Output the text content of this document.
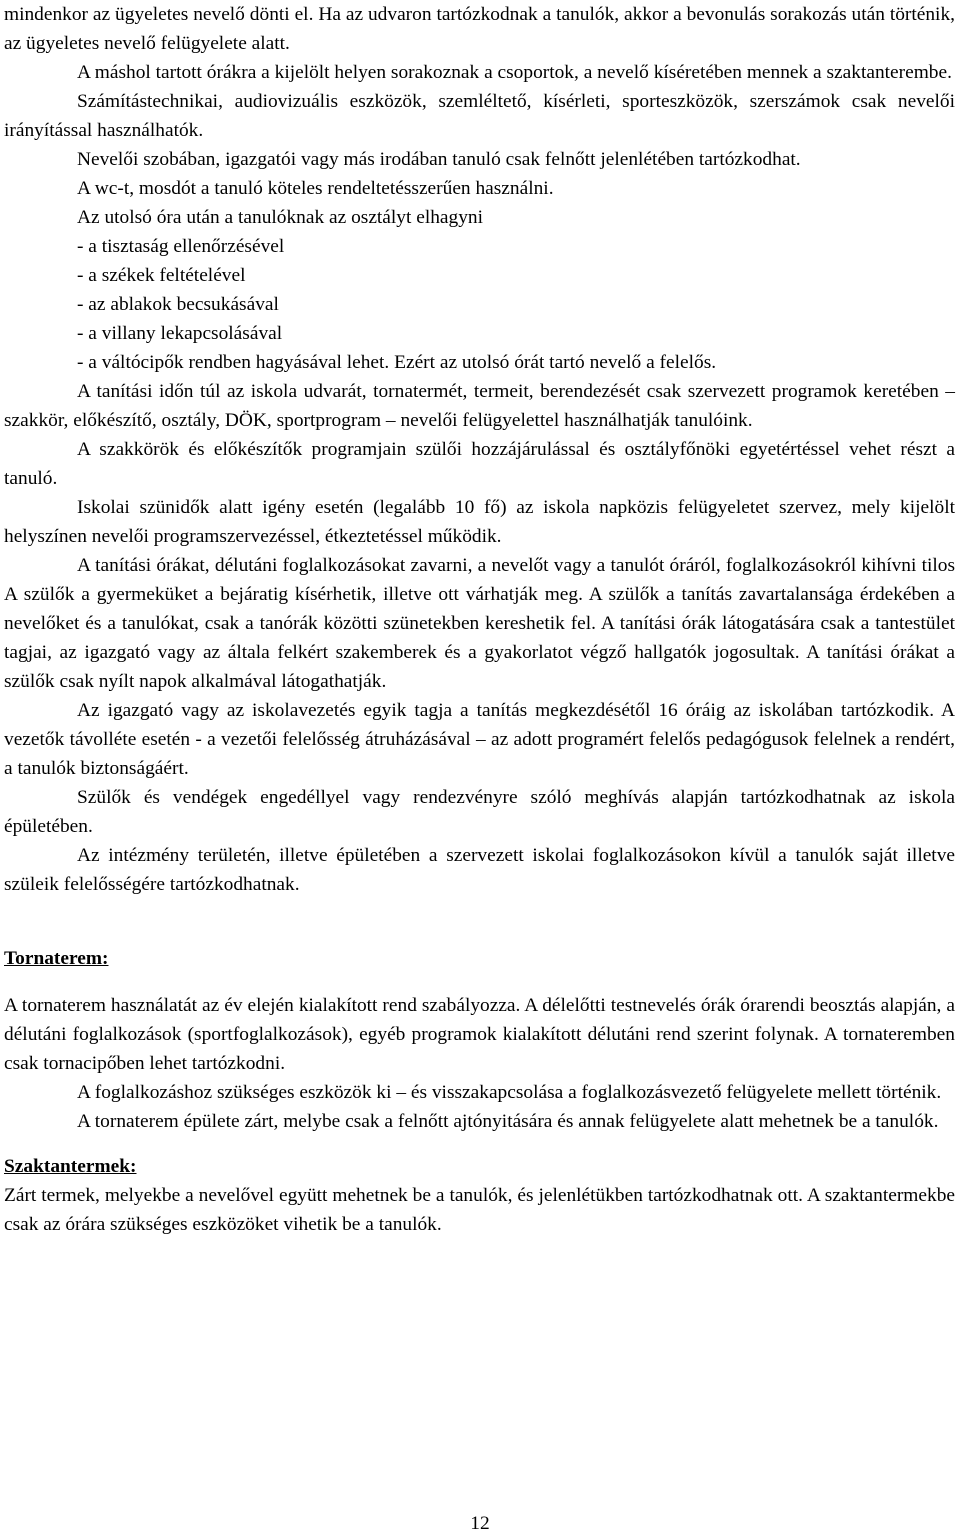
mindenkor az ügyeletes nevelő dönti el. Ha az udvaron tartózkodnak a tanulók, akkor a bevonulás sorakozás után történik, az ügyeletes nevelő felügyelete alatt.

A máshol tartott órákra a kijelölt helyen sorakoznak a csoportok, a nevelő kíséretében mennek a szaktanterembe.

Számítástechnikai, audiovizuális eszközök, szemléltető, kísérleti, sporteszközök, szerszámok csak nevelői irányítással használhatók.

Nevelői szobában, igazgatói vagy más irodában tanuló csak felnőtt jelenlétében tartózkodhat.

A wc-t, mosdót a tanuló köteles rendeltetésszerűen használni.

Az utolsó óra után a tanulóknak az osztályt elhagyni

- a tisztaság ellenőrzésével

- a székek feltételével

- az ablakok becsukásával

- a villany lekapcsolásával

- a váltócipők rendben hagyásával lehet. Ezért az utolsó órát tartó nevelő a felelős.

A tanítási időn túl az iskola udvarát, tornatermét, termeit, berendezését csak szervezett programok keretében – szakkör, előkészítő, osztály, DÖK, sportprogram – nevelői felügyelettel használhatják tanulóink.

A szakkörök és előkészítők programjain szülői hozzájárulással és osztályfőnöki egyetértéssel vehet részt a tanuló.

Iskolai szünidők alatt igény esetén (legalább 10 fő) az iskola napközis felügyeletet szervez, mely kijelölt helyszínen nevelői programszervezéssel, étkeztetéssel működik.

A tanítási órákat, délutáni foglalkozásokat zavarni, a nevelőt vagy a tanulót óráról, foglalkozásokról kihívni tilos A szülők a gyermeküket a bejáratig kísérhetik, illetve ott várhatják meg. A szülők a tanítás zavartalansága érdekében a nevelőket és a tanulókat, csak a tanórák közötti szünetekben kereshetik fel. A tanítási órák látogatására csak a tantestület tagjai, az igazgató vagy az általa felkért szakemberek és a gyakorlatot végző hallgatók jogosultak. A tanítási órákat a szülők csak nyílt napok alkalmával látogathatják.

Az igazgató vagy az iskolavezetés egyik tagja a tanítás megkezdésétől 16 óráig az iskolában tartózkodik. A vezetők távolléte esetén - a vezetői felelősség átruházásával – az adott programért felelős pedagógusok felelnek a rendért, a tanulók biztonságáért.

Szülők és vendégek engedéllyel vagy rendezvényre szóló meghívás alapján tartózkodhatnak az iskola épületében.

Az intézmény területén, illetve épületében a szervezett iskolai foglalkozásokon kívül a tanulók saját illetve szüleik felelősségére tartózkodhatnak.

Tornaterem:

A tornaterem használatát az év elején kialakított rend szabályozza. A délelőtti testnevelés órák órarendi beosztás alapján, a délutáni foglalkozások (sportfoglalkozások), egyéb programok kialakított délutáni rend szerint folynak. A tornateremben csak tornacipőben lehet tartózkodni.

A foglalkozáshoz szükséges eszközök ki – és visszakapcsolása a foglalkozásvezető felügyelete mellett történik.

A tornaterem épülete zárt, melybe csak a felnőtt ajtónyitására és annak felügyelete alatt mehetnek be a tanulók.

Szaktantermek:

Zárt termek, melyekbe a nevelővel együtt mehetnek be a tanulók, és jelenlétükben tartózkodhatnak ott. A szaktantermekbe csak az órára szükséges eszközöket vihetik be a tanulók.

12
